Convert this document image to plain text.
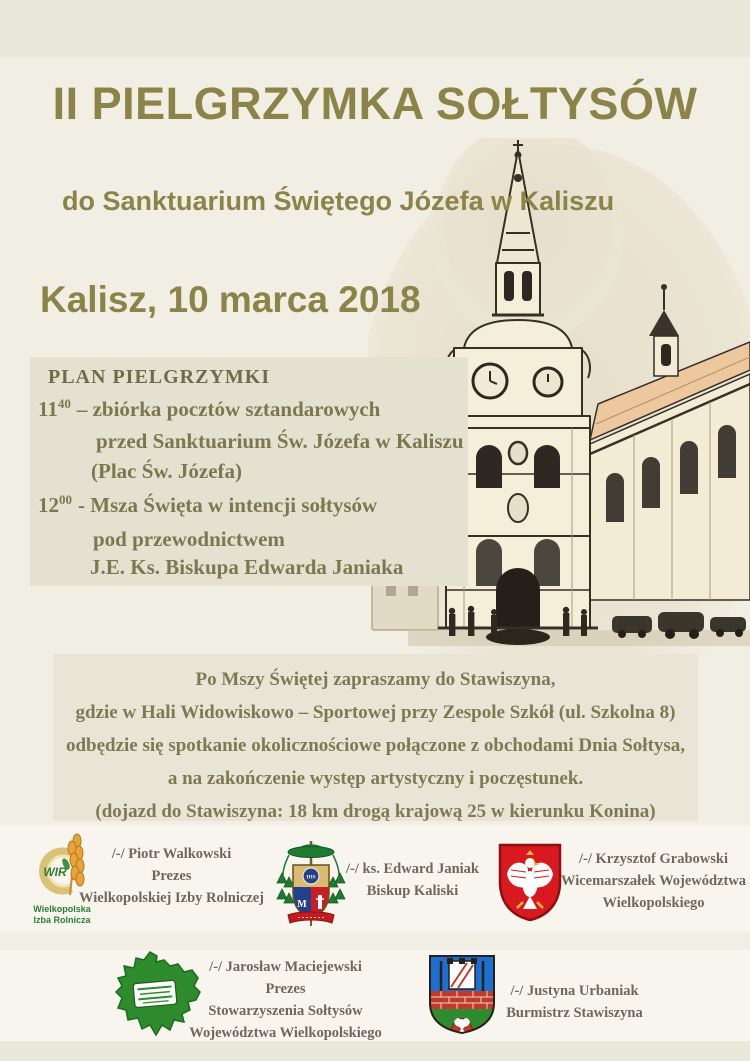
II PIELGRZYMKA SOŁTYSÓW
do Sanktuarium Świętego Józefa w Kaliszu
Kalisz, 10 marca 2018
PLAN PIELGRZYMKI
$11^{40}$ – zbiórka pocztów sztandarowych
przed Sanktuarium Św. Józefa w Kaliszu
(Plac Św. Józefa)
$12^{00}$ - Msza Święta w intencji sołtysów
pod przewodnictwem
J.E. Ks. Biskupa Edwarda Janiaka
Po Mszy Świętej zapraszamy do Stawiszyna,
gdzie w Hali Widowiskowo – Sportowej przy Zespole Szkół (ul. Szkolna 8)
odbędzie się spotkanie okolicznościowe połączone z obchodami Dnia Sołtysa,
a na zakończenie występ artystyczny i poczęstunek.
(dojazd do Stawiszyna: 18 km drogą krajową 25 w kierunku Konina)
WIR
Wielkopolska
Izba Rolnicza
/-/ Piotr Walkowski
Prezes
Wielkopolskiej Izby Rolniczej
IHS
M
/-/ ks. Edward Janiak
Biskup Kaliski
/-/ Krzysztof Grabowski
Wicemarszałek Województwa
Wielkopolskiego
/-/ Jarosław Maciejewski
Prezes
Stowarzyszenia Sołtysów
Województwa Wielkopolskiego
/-/ Justyna Urbaniak
Burmistrz Stawiszyna
